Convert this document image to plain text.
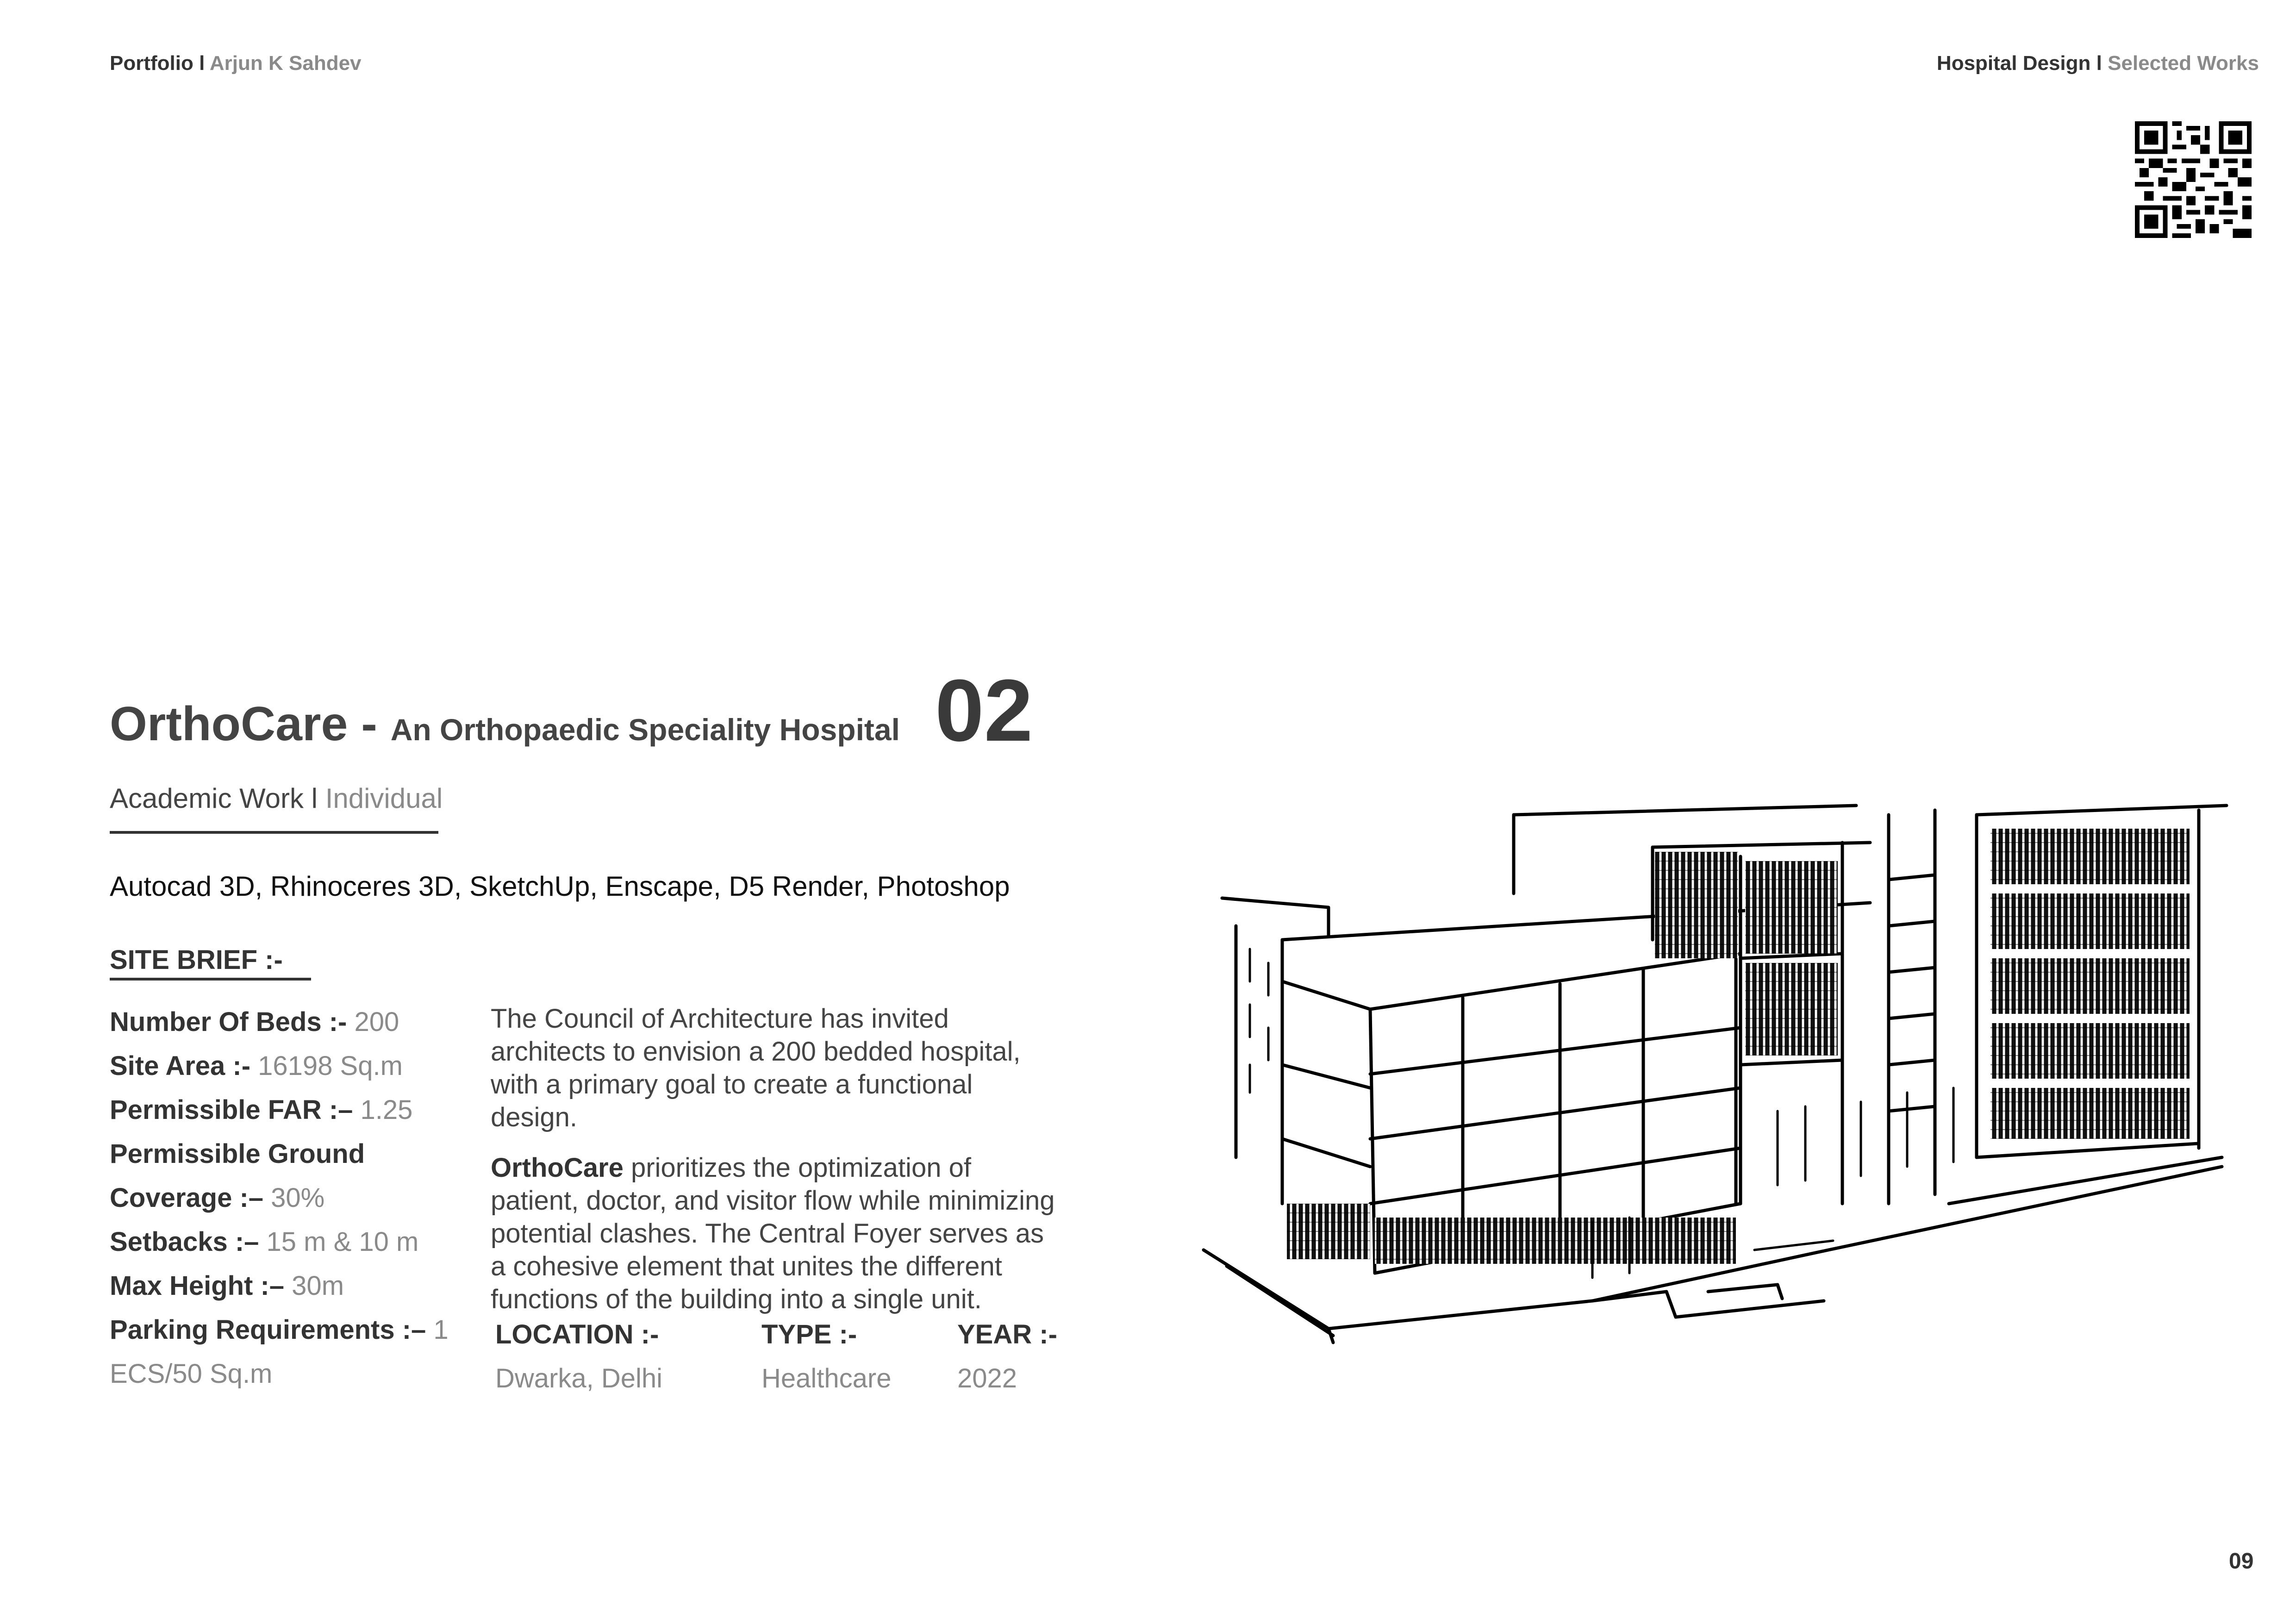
Portfolio l Arjun K Sahdev	Hospital Design l Selected Works
OrthoCare - An Orthopaedic Speciality Hospital 02
Academic Work l Individual
Autocad 3D, Rhinoceres 3D, SketchUp, Enscape, D5 Render, Photoshop
SITE BRIEF :-
Number Of Beds :- 200
Site Area :- 16198 Sq.m
Permissible FAR :– 1.25
Permissible Ground Coverage :– 30%
Setbacks :– 15 m & 10 m
Max Height :– 30m
Parking Requirements :– 1 ECS/50 Sq.m

The Council of Architecture has invited architects to envision a 200 bedded hospital, with a primary goal to create a functional design.

OrthoCare prioritizes the optimization of patient, doctor, and visitor flow while minimizing potential clashes. The Central Foyer serves as a cohesive element that unites the different functions of the building into a single unit.

LOCATION :-
Dwarka, Delhi
TYPE :-
Healthcare
YEAR :-
2022
09
